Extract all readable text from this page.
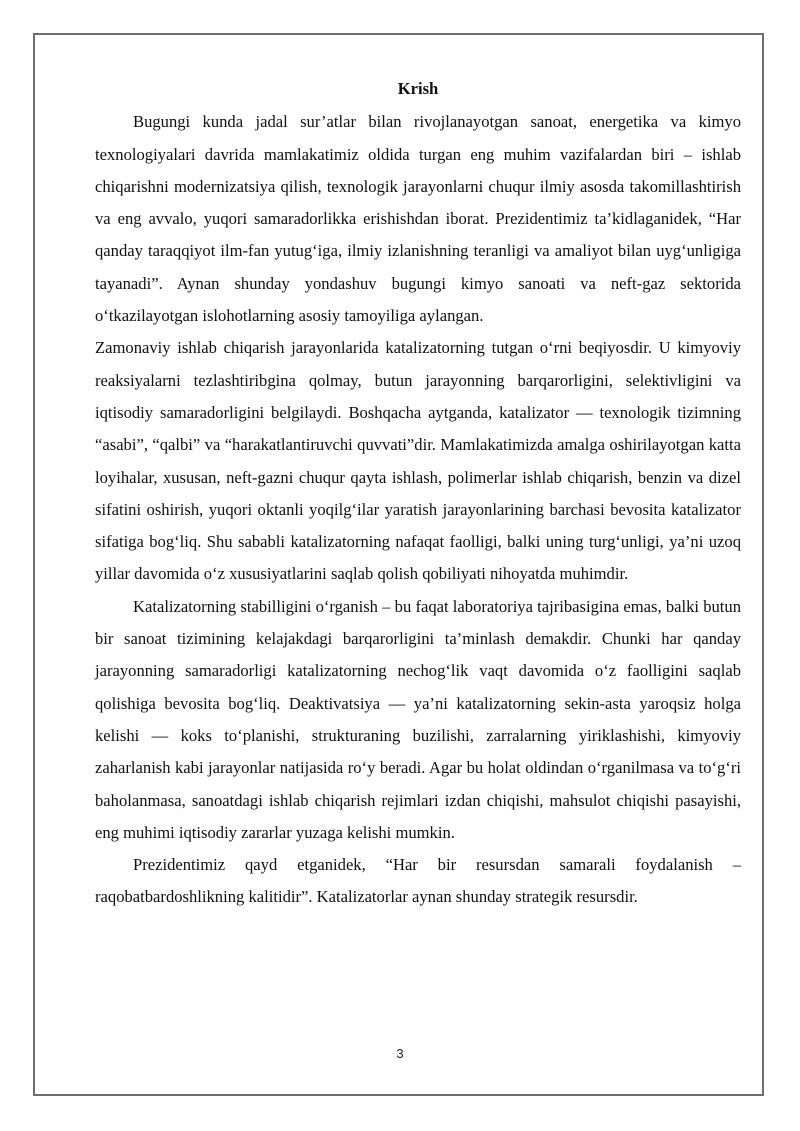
Krish

Bugungi kunda jadal sur’atlar bilan rivojlanayotgan sanoat, energetika va kimyo texnologiyalari davrida mamlakatimiz oldida turgan eng muhim vazifalardan biri – ishlab chiqarishni modernizatsiya qilish, texnologik jarayonlarni chuqur ilmiy asosda takomillashtirish va eng avvalo, yuqori samaradorlikka erishishdan iborat. Prezidentimiz ta’kidlaganidek, “Har qanday taraqqiyot ilm-fan yutug‘iga, ilmiy izlanishning teranligi va amaliyot bilan uyg‘unligiga tayanadi”. Aynan shunday yondashuv bugungi kimyo sanoati va neft-gaz sektorida o‘tkazilayotgan islohotlarning asosiy tamoyiliga aylangan.

Zamonaviy ishlab chiqarish jarayonlarida katalizatorning tutgan o‘rni beqiyosdir. U kimyoviy reaksiyalarni tezlashtiribgina qolmay, butun jarayonning barqarorligini, selektivligini va iqtisodiy samaradorligini belgilaydi. Boshqacha aytganda, katalizator — texnologik tizimning “asabi”, “qalbi” va “harakatlantiruvchi quvvati”dir. Mamlakatimizda amalga oshirilayotgan katta loyihalar, xususan, neft-gazni chuqur qayta ishlash, polimerlar ishlab chiqarish, benzin va dizel sifatini oshirish, yuqori oktanli yoqilg‘ilar yaratish jarayonlarining barchasi bevosita katalizator sifatiga bog‘liq. Shu sababli katalizatorning nafaqat faolligi, balki uning turg‘unligi, ya’ni uzoq yillar davomida o‘z xususiyatlarini saqlab qolish qobiliyati nihoyatda muhimdir.

Katalizatorning stabilligini o‘rganish – bu faqat laboratoriya tajribasigina emas, balki butun bir sanoat tizimining kelajakdagi barqarorligini ta’minlash demakdir. Chunki har qanday jarayonning samaradorligi katalizatorning nechog‘lik vaqt davomida o‘z faolligini saqlab qolishiga bevosita bog‘liq. Deaktivatsiya — ya’ni katalizatorning sekin-asta yaroqsiz holga kelishi — koks to‘planishi, strukturaning buzilishi, zarralarning yiriklashishi, kimyoviy zaharlanish kabi jarayonlar natijasida ro‘y beradi. Agar bu holat oldindan o‘rganilmasa va to‘g‘ri baholanmasa, sanoatdagi ishlab chiqarish rejimlari izdan chiqishi, mahsulot chiqishi pasayishi, eng muhimi iqtisodiy zararlar yuzaga kelishi mumkin.

Prezidentimiz qayd etganidek, “Har bir resursdan samarali foydalanish – raqobatbardoshlikning kalitidir”. Katalizatorlar aynan shunday strategik resursdir.

3
